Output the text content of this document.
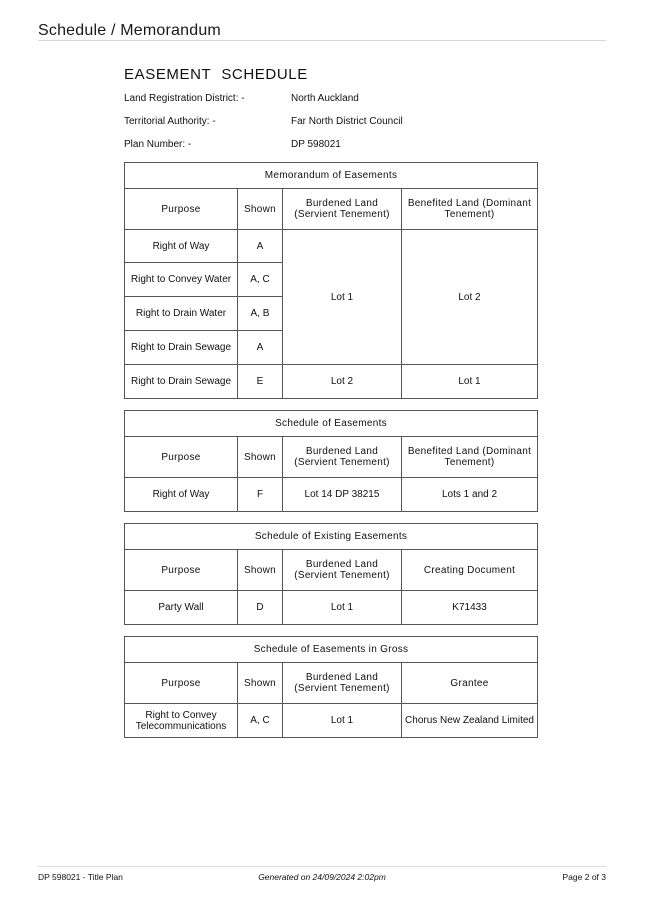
Schedule / Memorandum
EASEMENT SCHEDULE
Land Registration District: -	North Auckland
Territorial Authority: -	Far North District Council
Plan Number: -	DP 598021
Memorandum of Easements			
Purpose	Shown	Burdened Land (Servient Tenement)	Benefited Land (Dominant Tenement)
Right of Way	A	Lot 1	Lot 2
Right to Convey Water	A, C		
Right to Drain Water	A, B		
Right to Drain Sewage	A		
Right to Drain Sewage	E	Lot 2	Lot 1
Schedule of Easements			
Purpose	Shown	Burdened Land (Servient Tenement)	Benefited Land (Dominant Tenement)
Right of Way	F	Lot 14 DP 38215	Lots 1 and 2
Schedule of Existing Easements			
Purpose	Shown	Burdened Land (Servient Tenement)	Creating Document
Party Wall	D	Lot 1	K71433
Schedule of Easements in Gross			
Purpose	Shown	Burdened Land (Servient Tenement)	Grantee
Right to Convey Telecommunications	A, C	Lot 1	Chorus New Zealand Limited
DP 598021 - Title Plan	Generated on 24/09/2024 2:02pm	Page 2 of 3
